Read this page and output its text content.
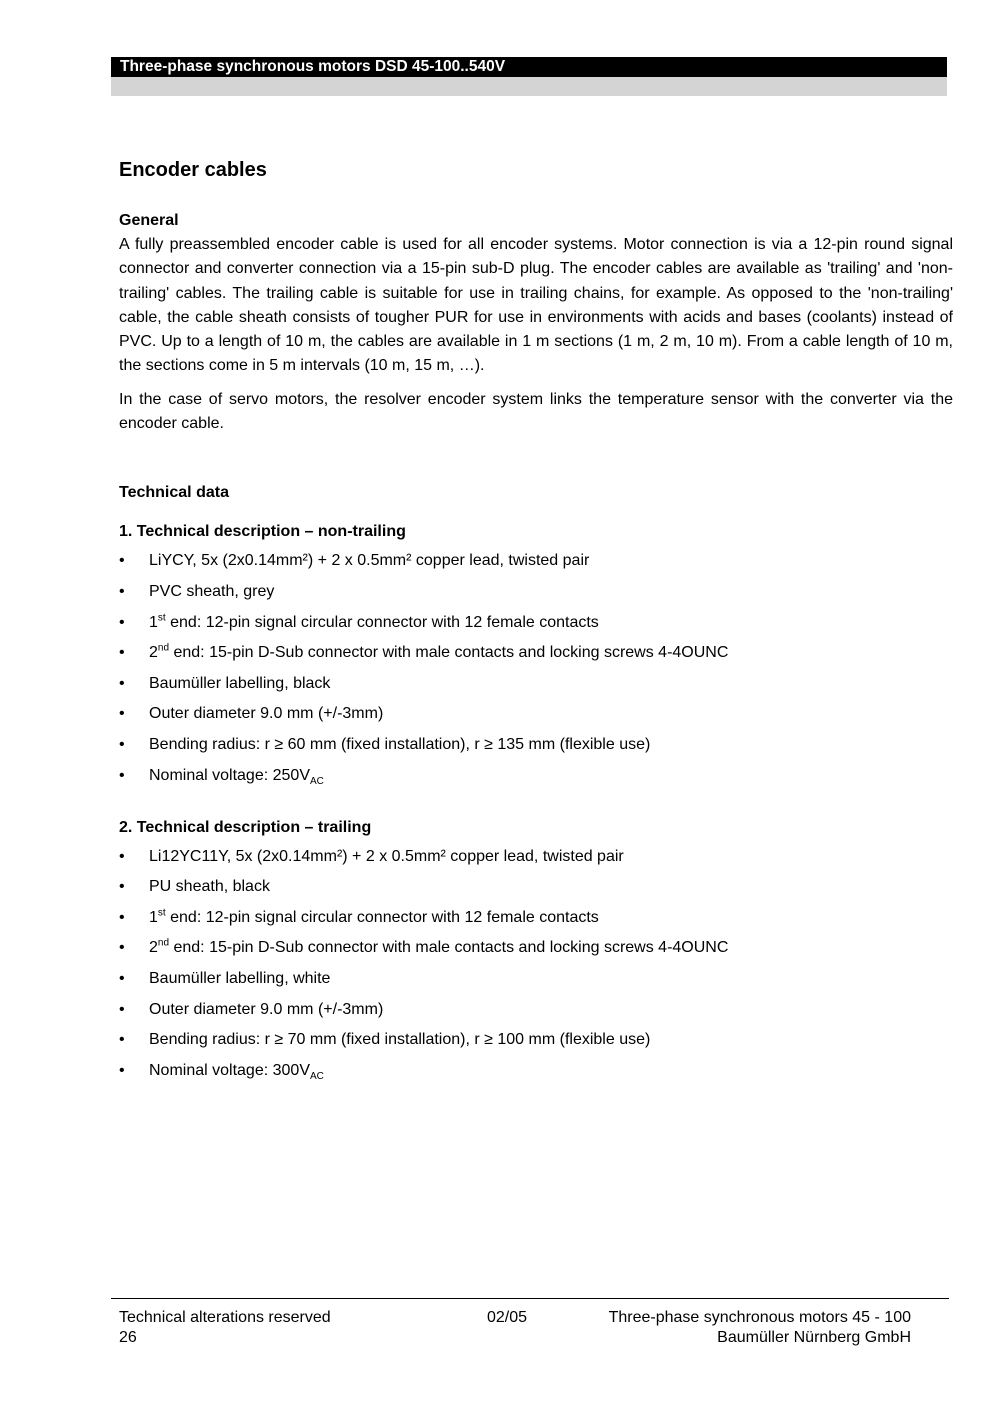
Three-phase synchronous motors DSD 45-100..540V
Encoder cables
General

A fully preassembled encoder cable is used for all encoder systems. Motor connection is via a 12-pin round signal connector and converter connection via a 15-pin sub-D plug. The encoder cables are available as 'trailing' and 'non-trailing' cables. The trailing cable is suitable for use in trailing chains, for example. As opposed to the 'non-trailing' cable, the cable sheath consists of tougher PUR for use in environments with acids and bases (coolants) instead of PVC. Up to a length of 10 m, the cables are available in 1 m sections (1 m, 2 m, 10 m). From a cable length of 10 m, the sections come in 5 m intervals (10 m, 15 m, …).

In the case of servo motors, the resolver encoder system links the temperature sensor with the converter via the encoder cable.

Technical data
1. Technical description – non-trailing
• LiYCY, 5x (2x0.14mm²) + 2 x 0.5mm² copper lead, twisted pair
• PVC sheath, grey
• 1st end: 12-pin signal circular connector with 12 female contacts
• 2nd end: 15-pin D-Sub connector with male contacts and locking screws 4-4OUNC
• Baumüller labelling, black
• Outer diameter 9.0 mm (+/-3mm)
• Bending radius: r ≥ 60 mm (fixed installation), r ≥ 135 mm (flexible use)
• Nominal voltage: $250V_{AC}$
2. Technical description – trailing
• Li12YC11Y, 5x (2x0.14mm²) + 2 x 0.5mm² copper lead, twisted pair
• PU sheath, black
• 1st end: 12-pin signal circular connector with 12 female contacts
• 2nd end: 15-pin D-Sub connector with male contacts and locking screws 4-4OUNC
• Baumüller labelling, white
• Outer diameter 9.0 mm (+/-3mm)
• Bending radius: r ≥ 70 mm (fixed installation), r ≥ 100 mm (flexible use)
• Nominal voltage: $300V_{AC}$
Technical alterations reserved	02/05	Three-phase synchronous motors 45 - 100
26	Baumüller Nürnberg GmbH
